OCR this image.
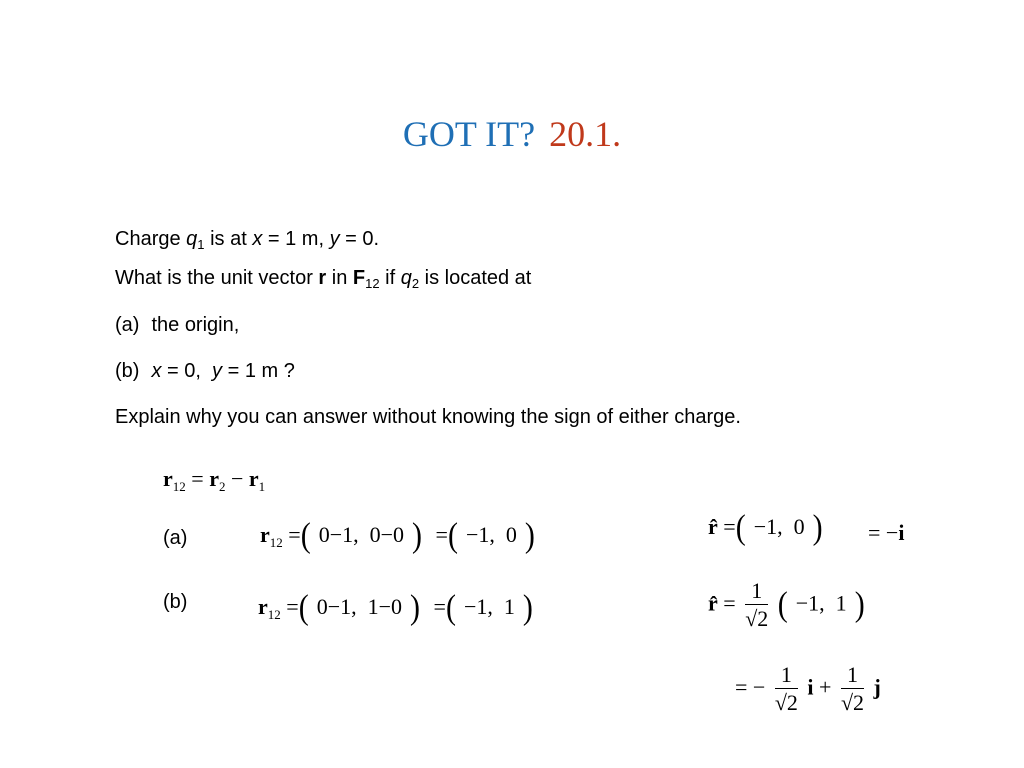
GOT IT? 20.1.
Charge $q_1$ is at x = 1 m, y = 0.
What is the unit vector r in $F_{12}$ if $q_2$ is located at
(a) the origin,
(b) x = 0,  y = 1 m ?
Explain why you can answer without knowing the sign of either charge.
$r_{12} = r_2 - r_1$
(a)	$r_{12}$ =( 0−1,  0−0 ) =( −1,  0 )	r̂ =( −1,  0 ) = −i
(b)	$r_{12}$ =( 0−1,  1−0 ) =( −1,  1 )	r̂ = $\frac{1}{√2}$ ( −1,  1 )
= − $\frac{1}{√2}$ $i + \frac{1}{√2}$ j
